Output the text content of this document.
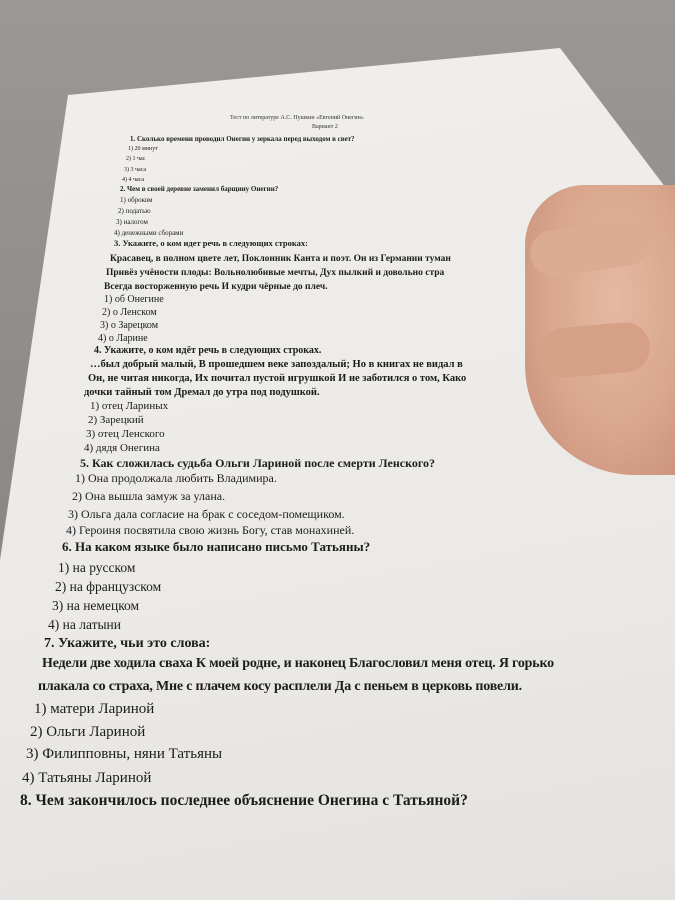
Тест по литературе А.С. Пушкин «Евгений Онегин»
Вариант 2
1. Сколько времени проводил Онегин у зеркала перед выходом в свет?
1) 20 минут
2) 1 час
3) 3 часа
4) 4 часа
2. Чем в своей деревне заменил барщину Онегин?
1) оброком
2) податью
3) налогом
4) денежными сборами
3. Укажите, о ком идет речь в следующих строках:
Красавец, в полном цвете лет, Поклонник Канта и поэт. Он из Германии туман
Привёз учёности плоды: Вольнолюбивые мечты, Дух пылкий и довольно стра
Всегда восторженную речь И кудри чёрные до плеч.
1) об Онегине
2) о Ленском
3) о Зарецком
4) о Ларине
4. Укажите, о ком идёт речь в следующих строках.
…был добрый малый, В прошедшем веке запоздалый; Но в книгах не видал в
Он, не читая никогда, Их почитал пустой игрушкой И не заботился о том, Како
дочки тайный том Дремал до утра под подушкой.
1) отец Лариных
2) Зарецкий
3) отец Ленского
4) дядя Онегина
5. Как сложилась судьба Ольги Лариной после смерти Ленского?
1) Она продолжала любить Владимира.
2) Она вышла замуж за улана.
3) Ольга дала согласие на брак с соседом-помещиком.
4) Героиня посвятила свою жизнь Богу, став монахиней.
6. На каком языке было написано письмо Татьяны?
1) на русском
2) на французском
3) на немецком
4) на латыни
7. Укажите, чьи это слова:
Недели две ходила сваха К моей родне, и наконец Благословил меня отец. Я горько
плакала со страха, Мне с плачем косу расплели Да с пеньем в церковь повели.
1) матери Лариной
2) Ольги Лариной
3) Филипповны, няни Татьяны
4) Татьяны Лариной
8. Чем закончилось последнее объяснение Онегина с Татьяной?
